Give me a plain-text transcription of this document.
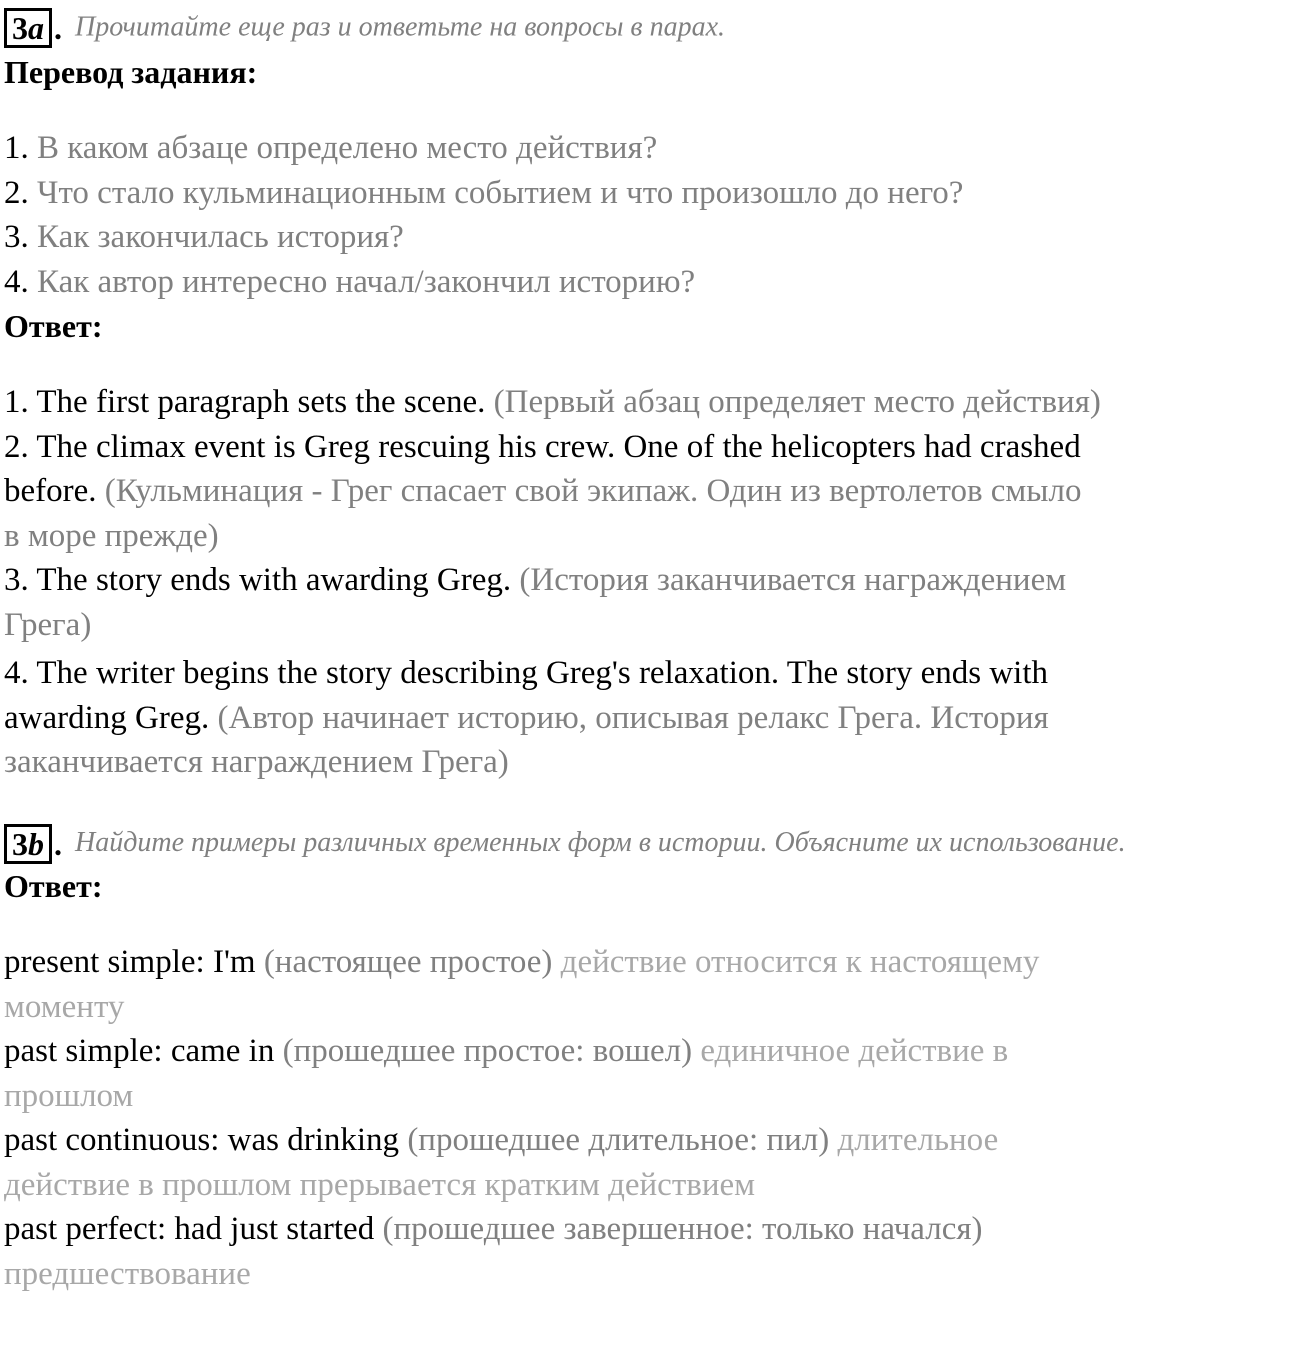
3a . Прочитайте еще раз и ответьте на вопросы в парах.
Перевод задания:
1. В каком абзаце определено место действия?
2. Что стало кульминационным событием и что произошло до него?
3. Как закончилась история?
4. Как автор интересно начал/закончил историю?
Ответ:
1. The first paragraph sets the scene. (Первый абзац определяет место действия)
2. The climax event is Greg rescuing his crew. One of the helicopters had crashed
before. (Кульминация - Грег спасает свой экипаж. Один из вертолетов смыло
в море прежде)
3. The story ends with awarding Greg. (История заканчивается награждением
Грега)
4. The writer begins the story describing Greg's relaxation. The story ends with
awarding Greg. (Автор начинает историю, описывая релакс Грега. История
заканчивается награждением Грега)
3b . Найдите примеры различных временных форм в истории. Объясните их использование.
Ответ:
present simple: I'm (настоящее простое) действие относится к настоящему
моменту
past simple: came in (прошедшее простое: вошел) единичное действие в
прошлом
past continuous: was drinking (прошедшее длительное: пил) длительное
действие в прошлом прерывается кратким действием
past perfect: had just started (прошедшее завершенное: только начался)
предшествование
